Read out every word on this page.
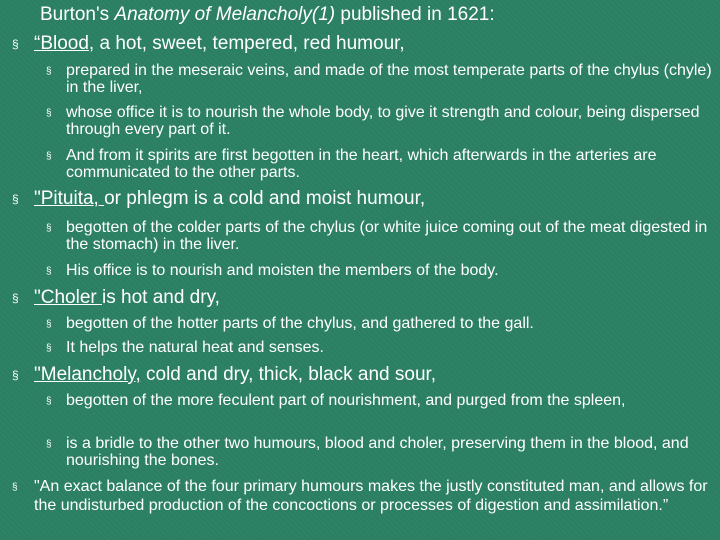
Burton's Anatomy of Melancholy(1) published in 1621:
§ “Blood, a hot, sweet, tempered, red humour,
§ prepared in the meseraic veins, and made of the most temperate parts of the chylus (chyle) in the liver,
§ whose office it is to nourish the whole body, to give it strength and colour, being dispersed through every part of it.
§ And from it spirits are first begotten in the heart, which afterwards in the arteries are communicated to the other parts.
§ "Pituita, or phlegm is a cold and moist humour,
§ begotten of the colder parts of the chylus (or white juice coming out of the meat digested in the stomach) in the liver.
§ His office is to nourish and moisten the members of the body.
§ "Choler is hot and dry,
§ begotten of the hotter parts of the chylus, and gathered to the gall.
§ It helps the natural heat and senses.
§ "Melancholy, cold and dry, thick, black and sour,
§ begotten of the more feculent part of nourishment, and purged from the spleen,
§ is a bridle to the other two humours, blood and choler, preserving them in the blood, and nourishing the bones.
§ "An exact balance of the four primary humours makes the justly constituted man, and allows for the undisturbed production of the concoctions or processes of digestion and assimilation.”
